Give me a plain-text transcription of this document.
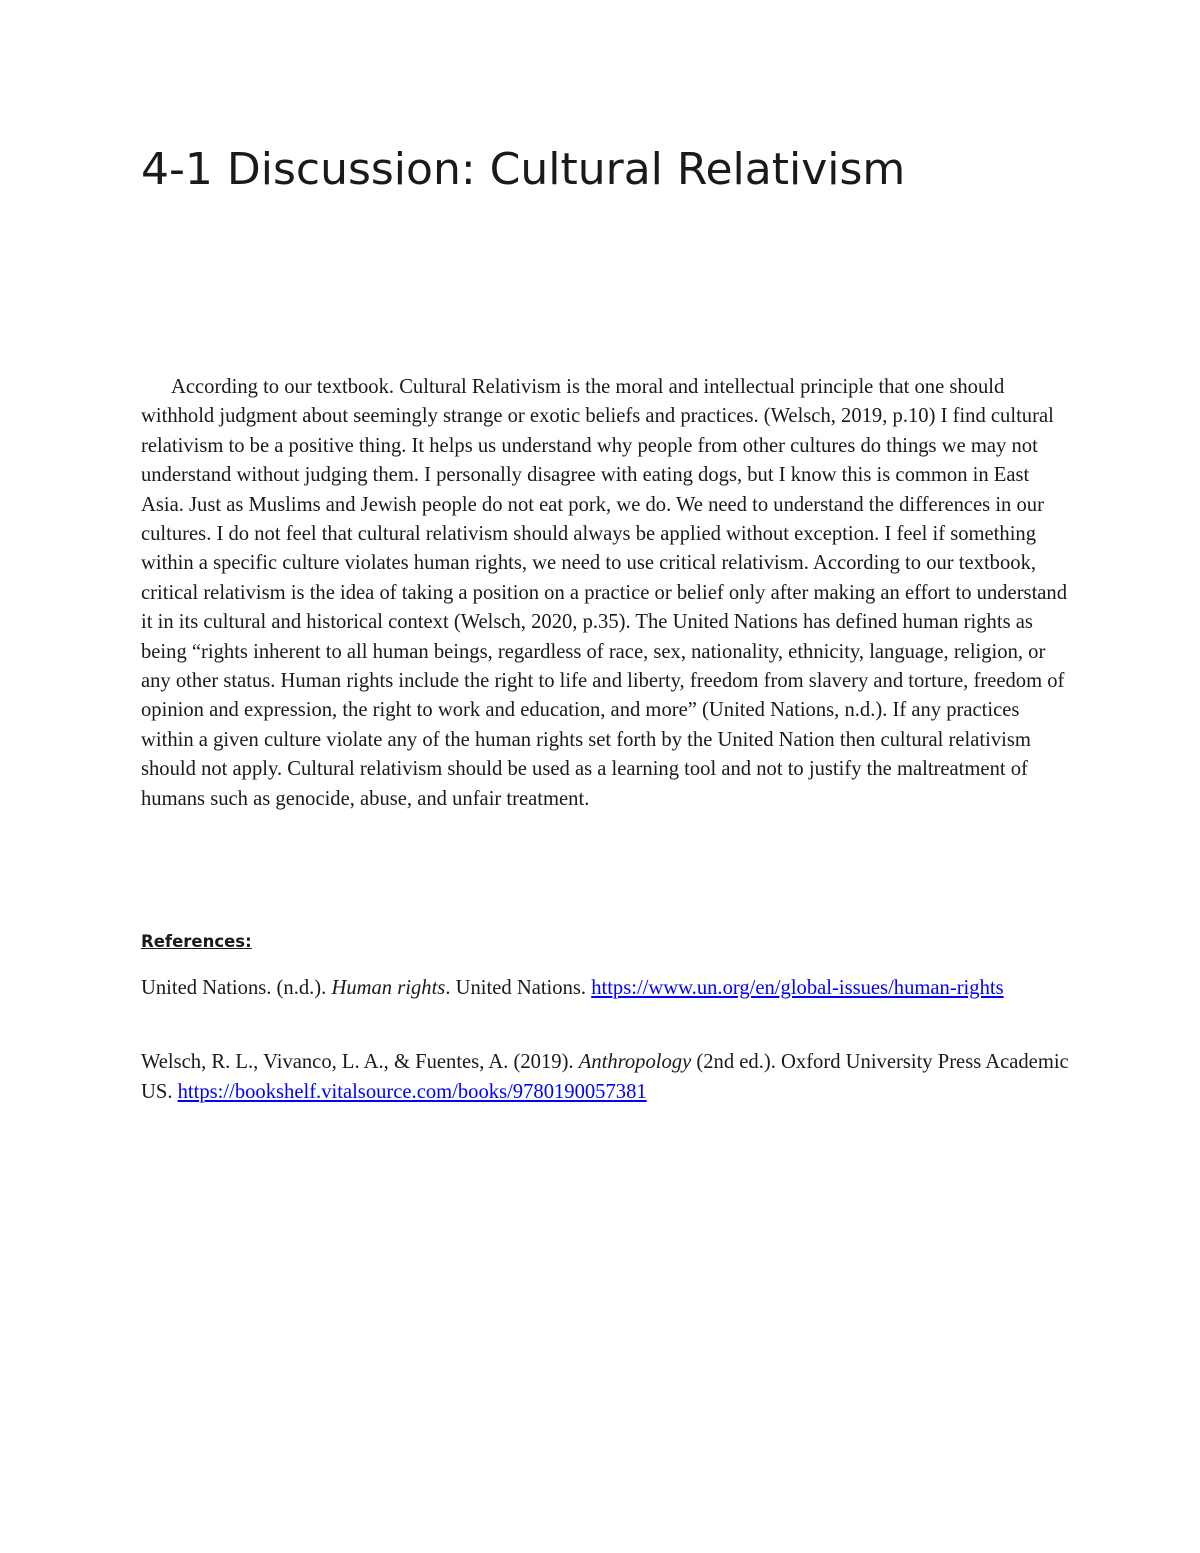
4-1 Discussion: Cultural Relativism

According to our textbook. Cultural Relativism is the moral and intellectual principle that one should withhold judgment about seemingly strange or exotic beliefs and practices. (Welsch, 2019, p.10) I find cultural relativism to be a positive thing. It helps us understand why people from other cultures do things we may not understand without judging them. I personally disagree with eating dogs, but I know this is common in East Asia. Just as Muslims and Jewish people do not eat pork, we do. We need to understand the differences in our cultures. I do not feel that cultural relativism should always be applied without exception. I feel if something within a specific culture violates human rights, we need to use critical relativism. According to our textbook, critical relativism is the idea of taking a position on a practice or belief only after making an effort to understand it in its cultural and historical context (Welsch, 2020, p.35). The United Nations has defined human rights as being “rights inherent to all human beings, regardless of race, sex, nationality, ethnicity, language, religion, or any other status. Human rights include the right to life and liberty, freedom from slavery and torture, freedom of opinion and expression, the right to work and education, and more” (United Nations, n.d.). If any practices within a given culture violate any of the human rights set forth by the United Nation then cultural relativism should not apply. Cultural relativism should be used as a learning tool and not to justify the maltreatment of humans such as genocide, abuse, and unfair treatment.

References:

United Nations. (n.d.). Human rights. United Nations. https://www.un.org/en/global-issues/human-rights

Welsch, R. L., Vivanco, L. A., & Fuentes, A. (2019). Anthropology (2nd ed.). Oxford University Press Academic US. https://bookshelf.vitalsource.com/books/9780190057381
